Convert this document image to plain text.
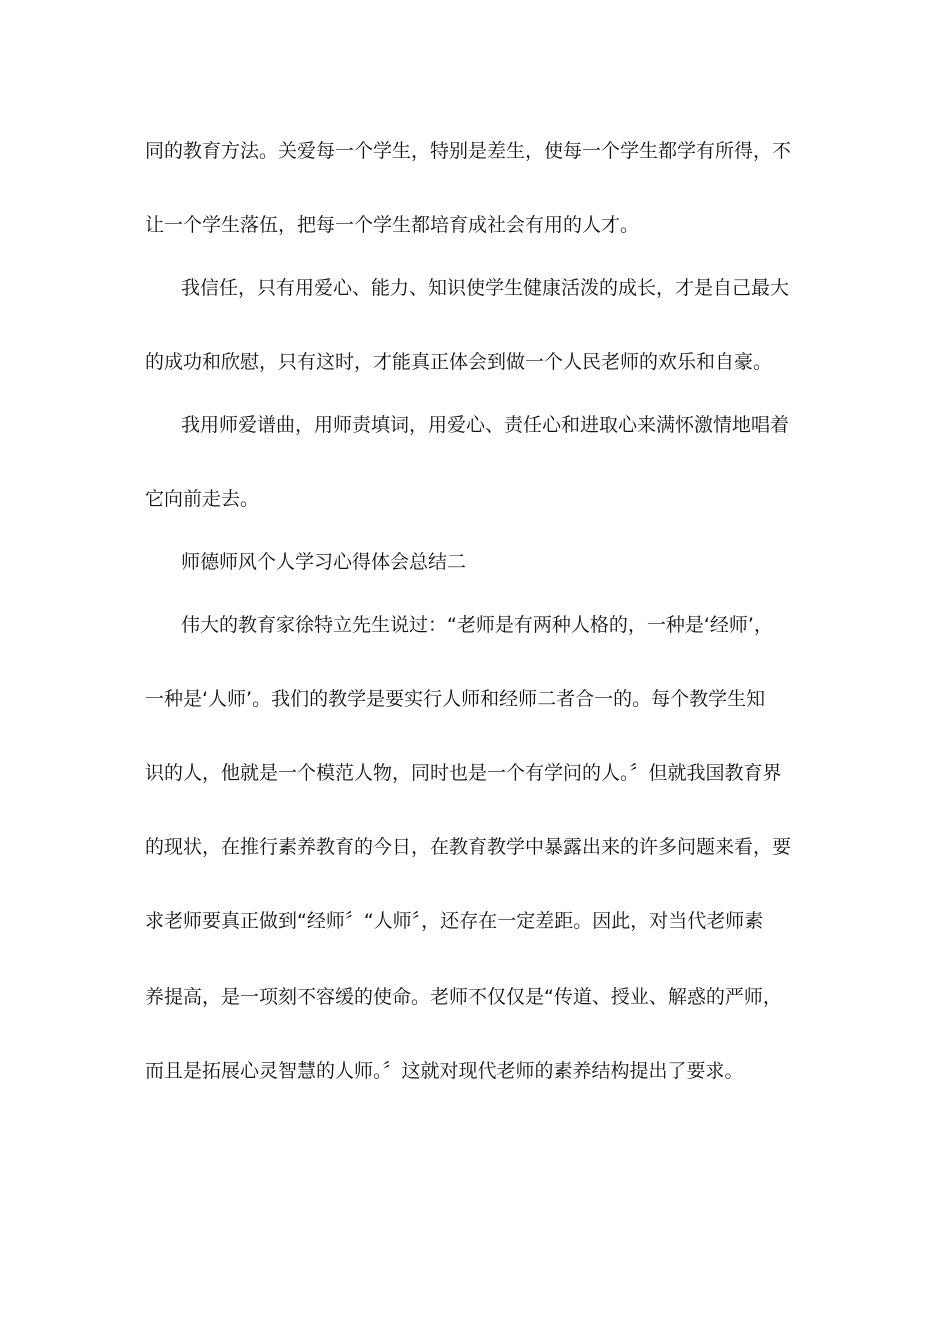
同的教育方法。关爱每一个学生，特别是差生，使每一个学生都学有所得，不
让一个学生落伍，把每一个学生都培育成社会有用的人才。
我信任，只有用爱心、能力、知识使学生健康活泼的成长，才是自己最大
的成功和欣慰，只有这时，才能真正体会到做一个人民老师的欢乐和自豪。
我用师爱谱曲，用师责填词，用爱心、责任心和进取心来满怀激情地唱着
它向前走去。
师德师风个人学习心得体会总结二
伟大的教育家徐特立先生说过：“老师是有两种人格的，一种是‘经师’，
一种是‘人师’。我们的教学是要实行人师和经师二者合一的。每个教学生知
识的人，他就是一个模范人物，同时也是一个有学问的人。〞但就我国教育界
的现状，在推行素养教育的今日，在教育教学中暴露出来的许多问题来看，要
求老师要真正做到“经师〞“人师〞，还存在一定差距。因此，对当代老师素
养提高，是一项刻不容缓的使命。老师不仅仅是“传道、授业、解惑的严师，
而且是拓展心灵智慧的人师。〞这就对现代老师的素养结构提出了要求。
